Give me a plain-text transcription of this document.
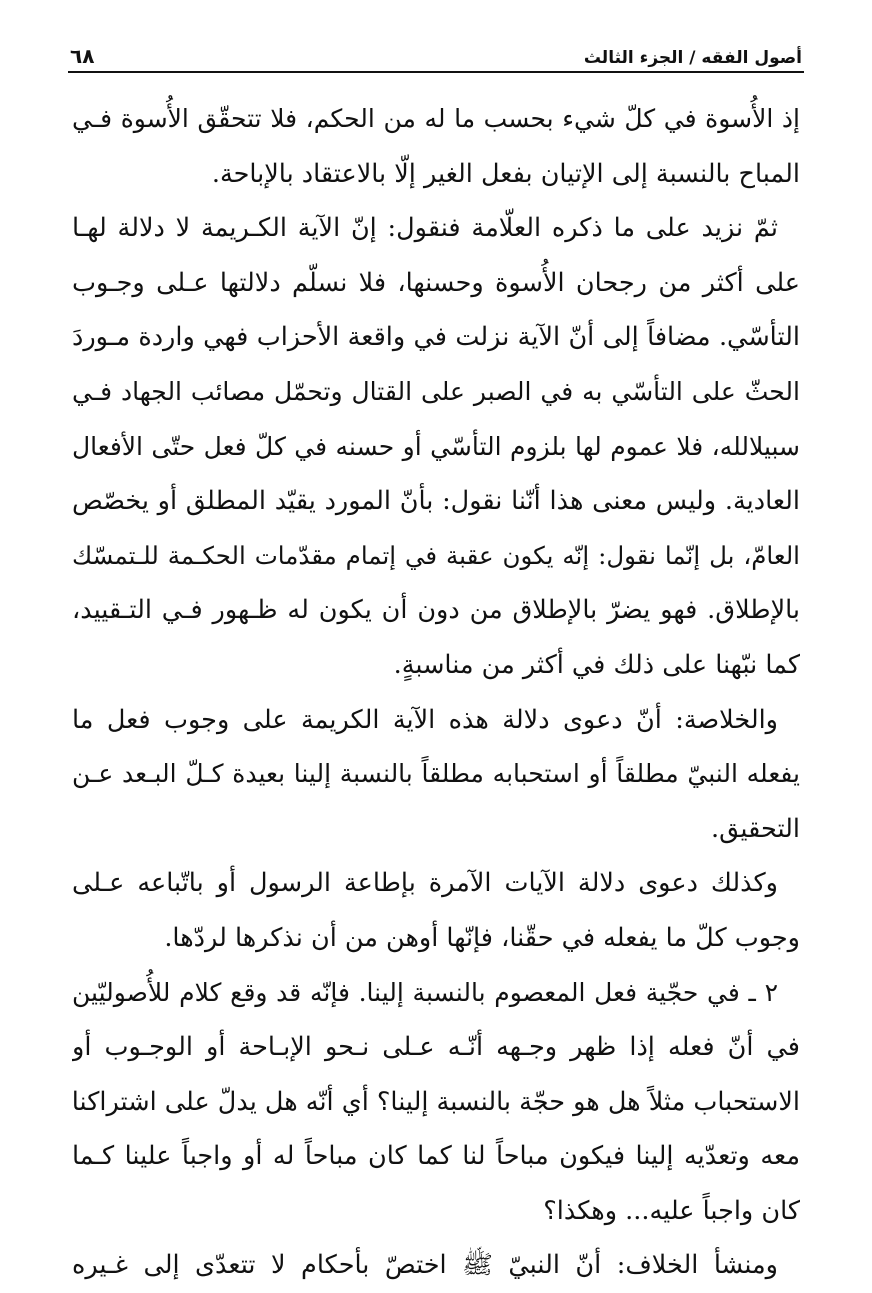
أصول الفقه / الجزء الثالث
٦٨
إذ الأُسوة في كلّ شيء بحسب ما له من الحكم، فلا تتحقّق الأُسوة فـي
المباح بالنسبة إلى الإتيان بفعل الغير إلّا بالاعتقاد بالإباحة.
ثمّ نزيد على ما ذكره العلّامة فنقول: إنّ الآية الكـريمة لا دلالة لهـا
على أكثر من رجحان الأُسوة وحسنها، فلا نسلّم دلالتها عـلى وجـوب
التأسّي. مضافاً إلى أنّ الآية نزلت في واقعة الأحزاب فهي واردة مـوردَ
الحثّ على التأسّي به في الصبر على القتال وتحمّل مصائب الجهاد فـي
سبيلالله، فلا عموم لها بلزوم التأسّي أو حسنه في كلّ فعل حتّى الأفعال
العادية. وليس معنى هذا أنّنا نقول: بأنّ المورد يقيّد المطلق أو يخصّص
العامّ، بل إنّما نقول: إنّه يكون عقبة في إتمام مقدّمات الحكـمة للـتمسّك
بالإطلاق. فهو يضرّ بالإطلاق من دون أن يكون له ظـهور فـي التـقييد،
كما نبّهنا على ذلك في أكثر من مناسبةٍ.
والخلاصة: أنّ دعوى دلالة هذه الآية الكريمة على وجوب فعل ما
يفعله النبيّ مطلقاً أو استحبابه مطلقاً بالنسبة إلينا بعيدة كـلّ البـعد عـن
التحقيق.
وكذلك دعوى دلالة الآيات الآمرة بإطاعة الرسول أو باتّباعه عـلى
وجوب كلّ ما يفعله في حقّنا، فإنّها أوهن من أن نذكرها لردّها.
٢ ـ في حجّية فعل المعصوم بالنسبة إلينا. فإنّه قد وقع كلام للأُصوليّين
في أنّ فعله إذا ظهر وجـهه أنّـه عـلى نـحو الإبـاحة أو الوجـوب أو
الاستحباب مثلاً هل هو حجّة بالنسبة إلينا؟ أي أنّه هل يدلّ على اشتراكنا
معه وتعدّيه إلينا فيكون مباحاً لنا كما كان مباحاً له أو واجباً علينا كـما
كان واجباً عليه... وهكذا؟
ومنشأ الخلاف: أنّ النبيّ ﷺ اختصّ بأحكام لا تتعدّى إلى غـيره
